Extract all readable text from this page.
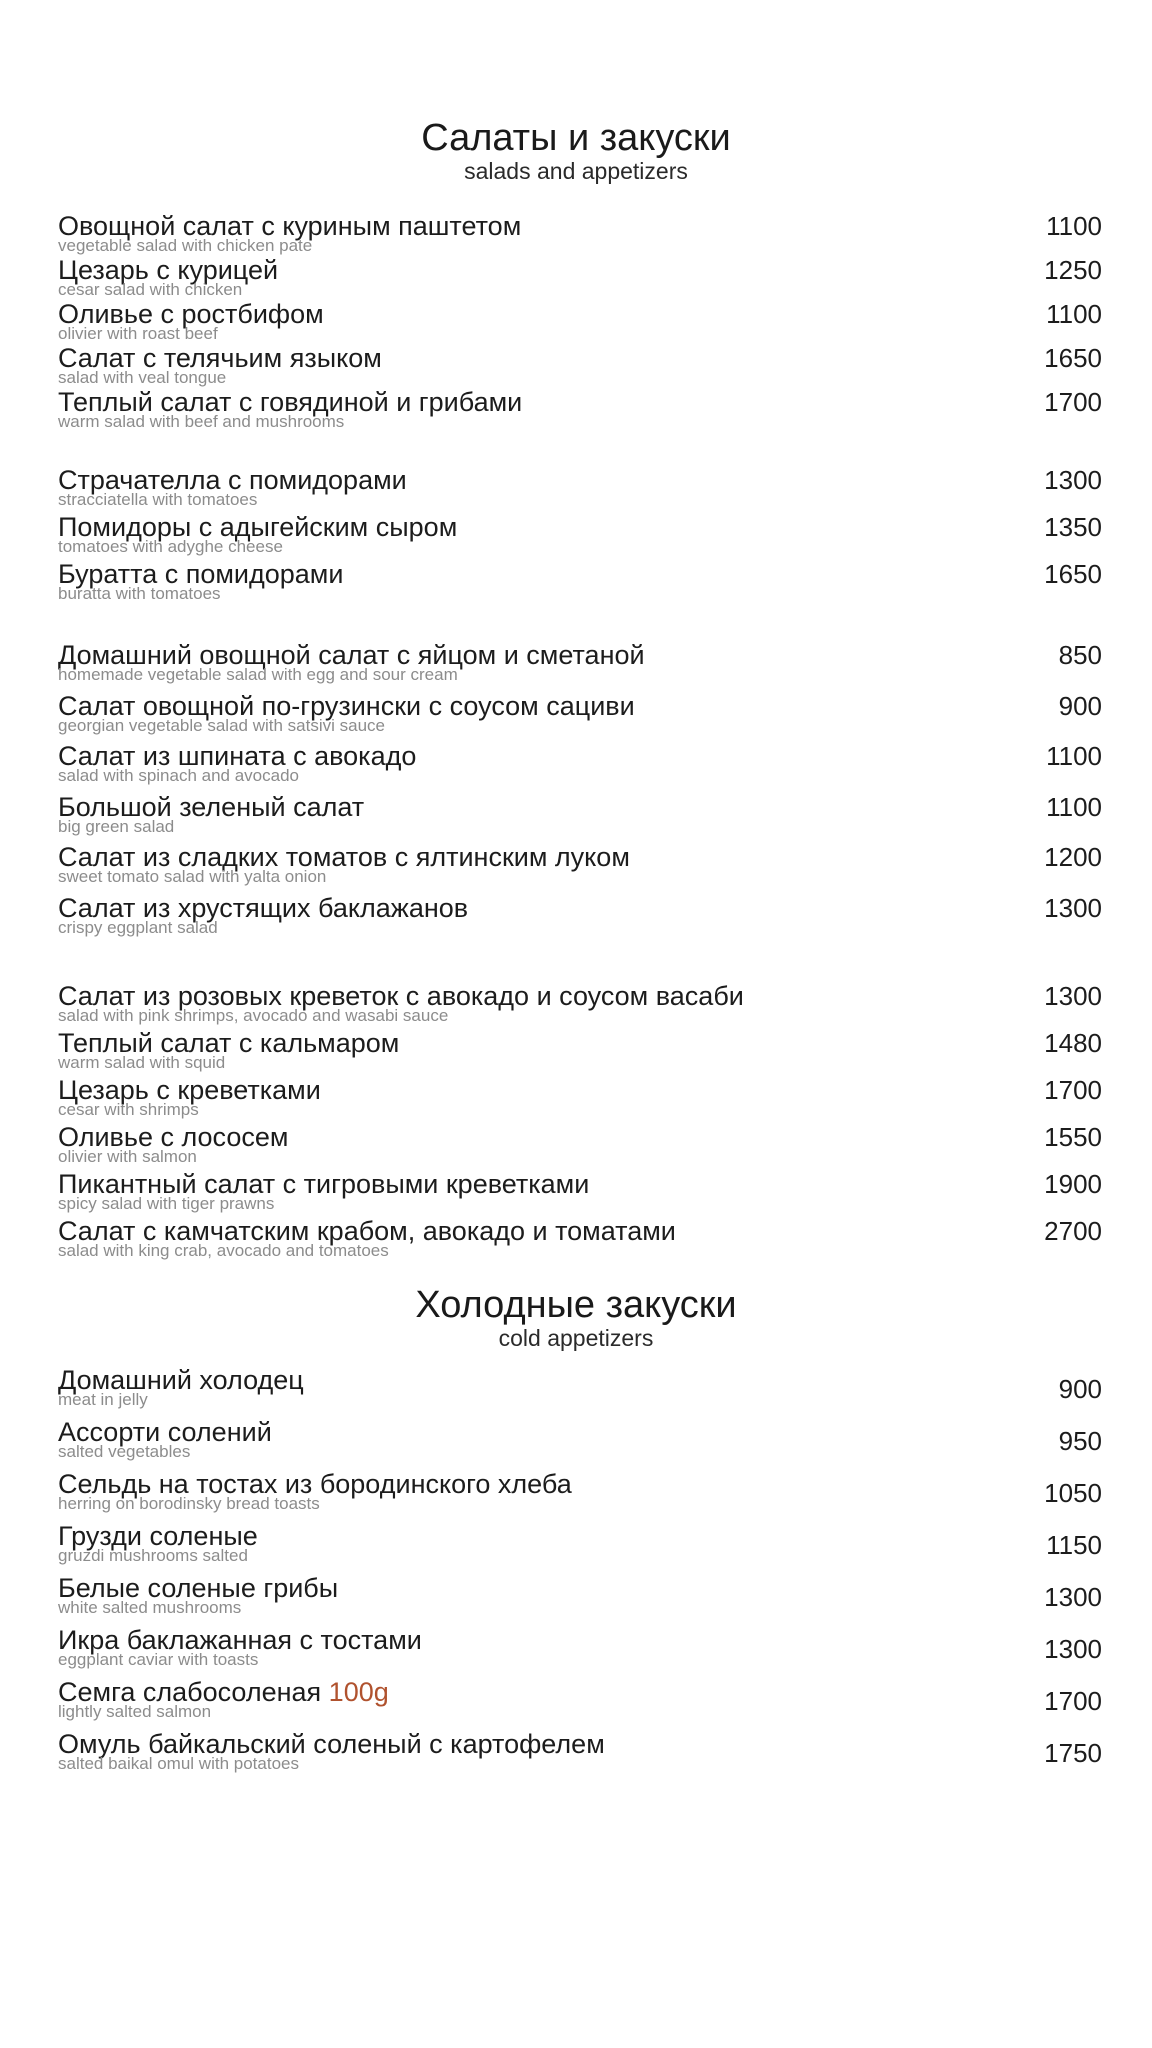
Салаты и закуски
salads and appetizers
Овощной салат с куриным паштетом
vegetable salad with chicken pate
1100
Цезарь с курицей
cesar salad with chicken
1250
Оливье с ростбифом
olivier with roast beef
1100
Салат с телячьим языком
salad with veal tongue
1650
Теплый салат с говядиной и грибами
warm salad with beef and mushrooms
1700
Страчателла с помидорами
stracciatella with tomatoes
1300
Помидоры с адыгейским сыром
tomatoes with adyghe cheese
1350
Буратта с помидорами
buratta with tomatoes
1650
Домашний овощной салат с яйцом и сметаной
homemade vegetable salad with egg and sour cream
850
Салат овощной по-грузински с соусом сациви
georgian vegetable salad with satsivi sauce
900
Салат из шпината с авокадо
salad with spinach and avocado
1100
Большой зеленый салат
big green salad
1100
Салат из сладких томатов с ялтинским луком
sweet tomato salad with yalta onion
1200
Салат из хрустящих баклажанов
crispy eggplant salad
1300
Салат из розовых креветок с авокадо и соусом васаби
salad with pink shrimps, avocado and wasabi sauce
1300
Теплый салат с кальмаром
warm salad with squid
1480
Цезарь с креветками
cesar with shrimps
1700
Оливье с лососем
olivier with salmon
1550
Пикантный салат с тигровыми креветками
spicy salad with tiger prawns
1900
Салат с камчатским крабом, авокадо и томатами
salad with king crab, avocado and tomatoes
2700
Холодные закуски
cold appetizers
Домашний холодец
meat in jelly	900
Ассорти солений
salted vegetables	950
Сельдь на тостах из бородинского хлеба
herring on borodinsky bread toasts	1050
Грузди соленые
gruzdi mushrooms salted	1150
Белые соленые грибы
white salted mushrooms	1300
Икра баклажанная с тостами
eggplant caviar with toasts	1300
Семга слабосоленая 100g
lightly salted salmon	1700
Омуль байкальский соленый с картофелем
salted baikal omul with potatoes	1750
